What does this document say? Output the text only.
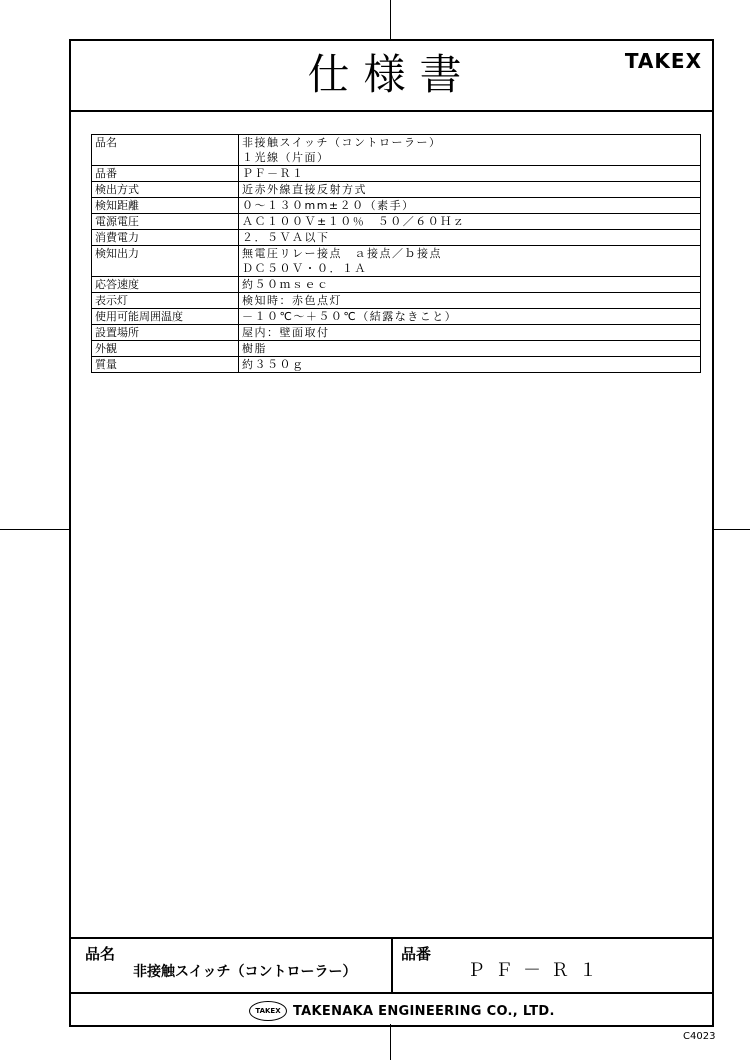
仕様書	TAKEX
品名	非接触スイッチ（コントローラー）
１光線（片面）

品番	ＰＦ－Ｒ１

検出方式	近赤外線直接反射方式

検知距離	０～１３０mm±２０（素手）

電源電圧	ＡＣ１００Ｖ±１０％　５０／６０Ｈｚ

消費電力	２．５ＶＡ以下

検知出力	無電圧リレー接点　ａ接点／ｂ接点
ＤＣ５０Ｖ・０．１Ａ

応答速度	約５０ｍｓｅｃ

表示灯	検知時：赤色点灯

使用可能周囲温度	－１０℃～＋５０℃（結露なきこと）

設置場所	屋内：壁面取付

外観	樹脂

質量	約３５０ｇ
品名
非接触スイッチ（コントローラー）
品番
ＰＦ－Ｒ１
TAKEX TAKENAKA ENGINEERING CO., LTD.
C4023
